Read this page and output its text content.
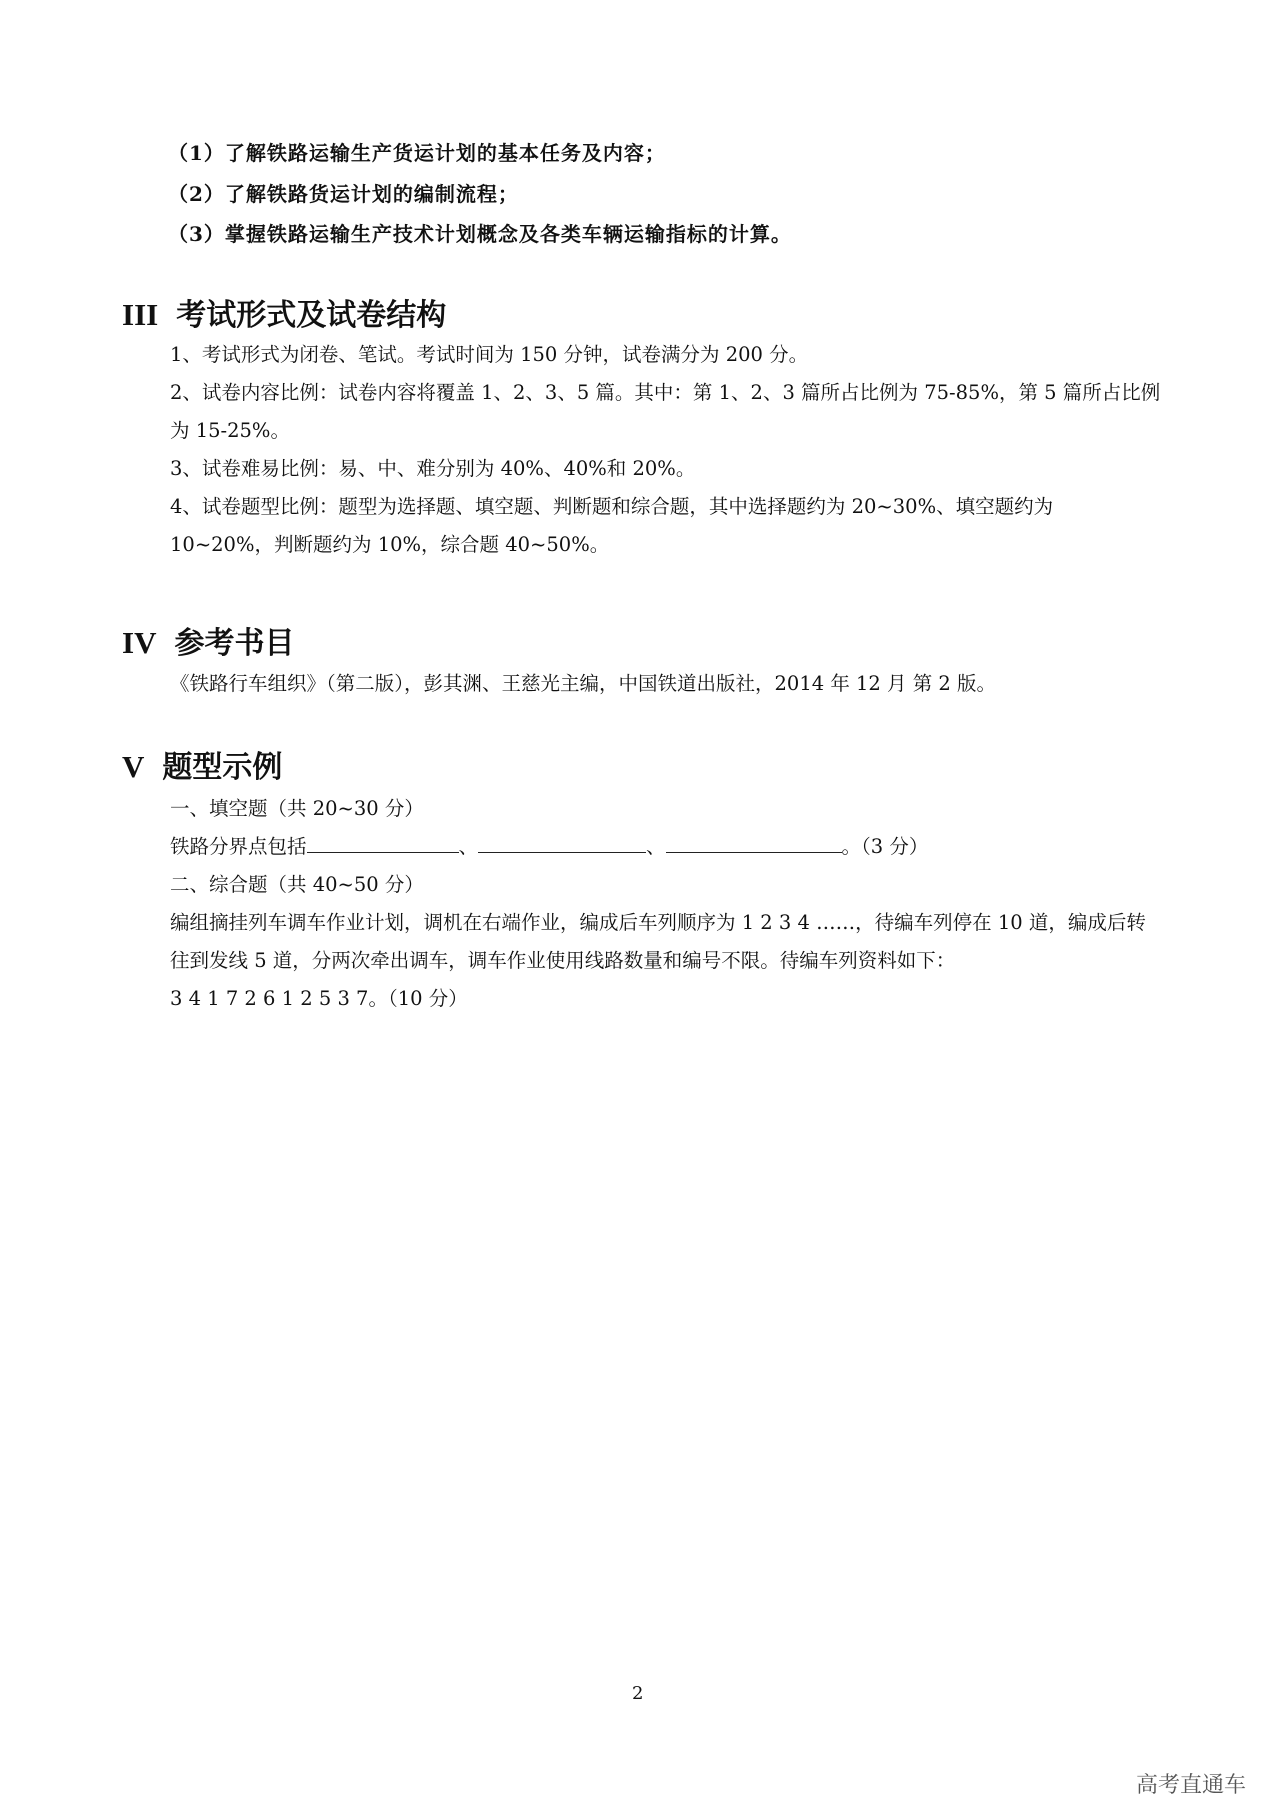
（1）了解铁路运输生产货运计划的基本任务及内容；
（2）了解铁路货运计划的编制流程；
（3）掌握铁路运输生产技术计划概念及各类车辆运输指标的计算。
III 考试形式及试卷结构
1、考试形式为闭卷、笔试。考试时间为 150 分钟，试卷满分为 200 分。
2、试卷内容比例：试卷内容将覆盖 1、2、3、5 篇。其中：第 1、2、3 篇所占比例为 75-85%，第 5 篇所占比例为 15-25%。
3、试卷难易比例：易、中、难分别为 40%、40%和 20%。
4、试卷题型比例：题型为选择题、填空题、判断题和综合题，其中选择题约为 20~30%、填空题约为 10~20%，判断题约为 10%，综合题 40~50%。
IV 参考书目
《铁路行车组织》（第二版），彭其渊、王慈光主编，中国铁道出版社，2014 年 12 月 第 2 版。
V 题型示例
一、填空题（共 20~30 分）
铁路分界点包括	、	、	。（3 分）
二、综合题（共 40~50 分）
编组摘挂列车调车作业计划，调机在右端作业，编成后车列顺序为 1 2 3 4 ……，待编车列停在 10 道，编成后转往到发线 5 道，分两次牵出调车，调车作业使用线路数量和编号不限。待编车列资料如下：
3 4 1 7 2 6 1 2 5 3 7。（10 分）
2
高考直通车
